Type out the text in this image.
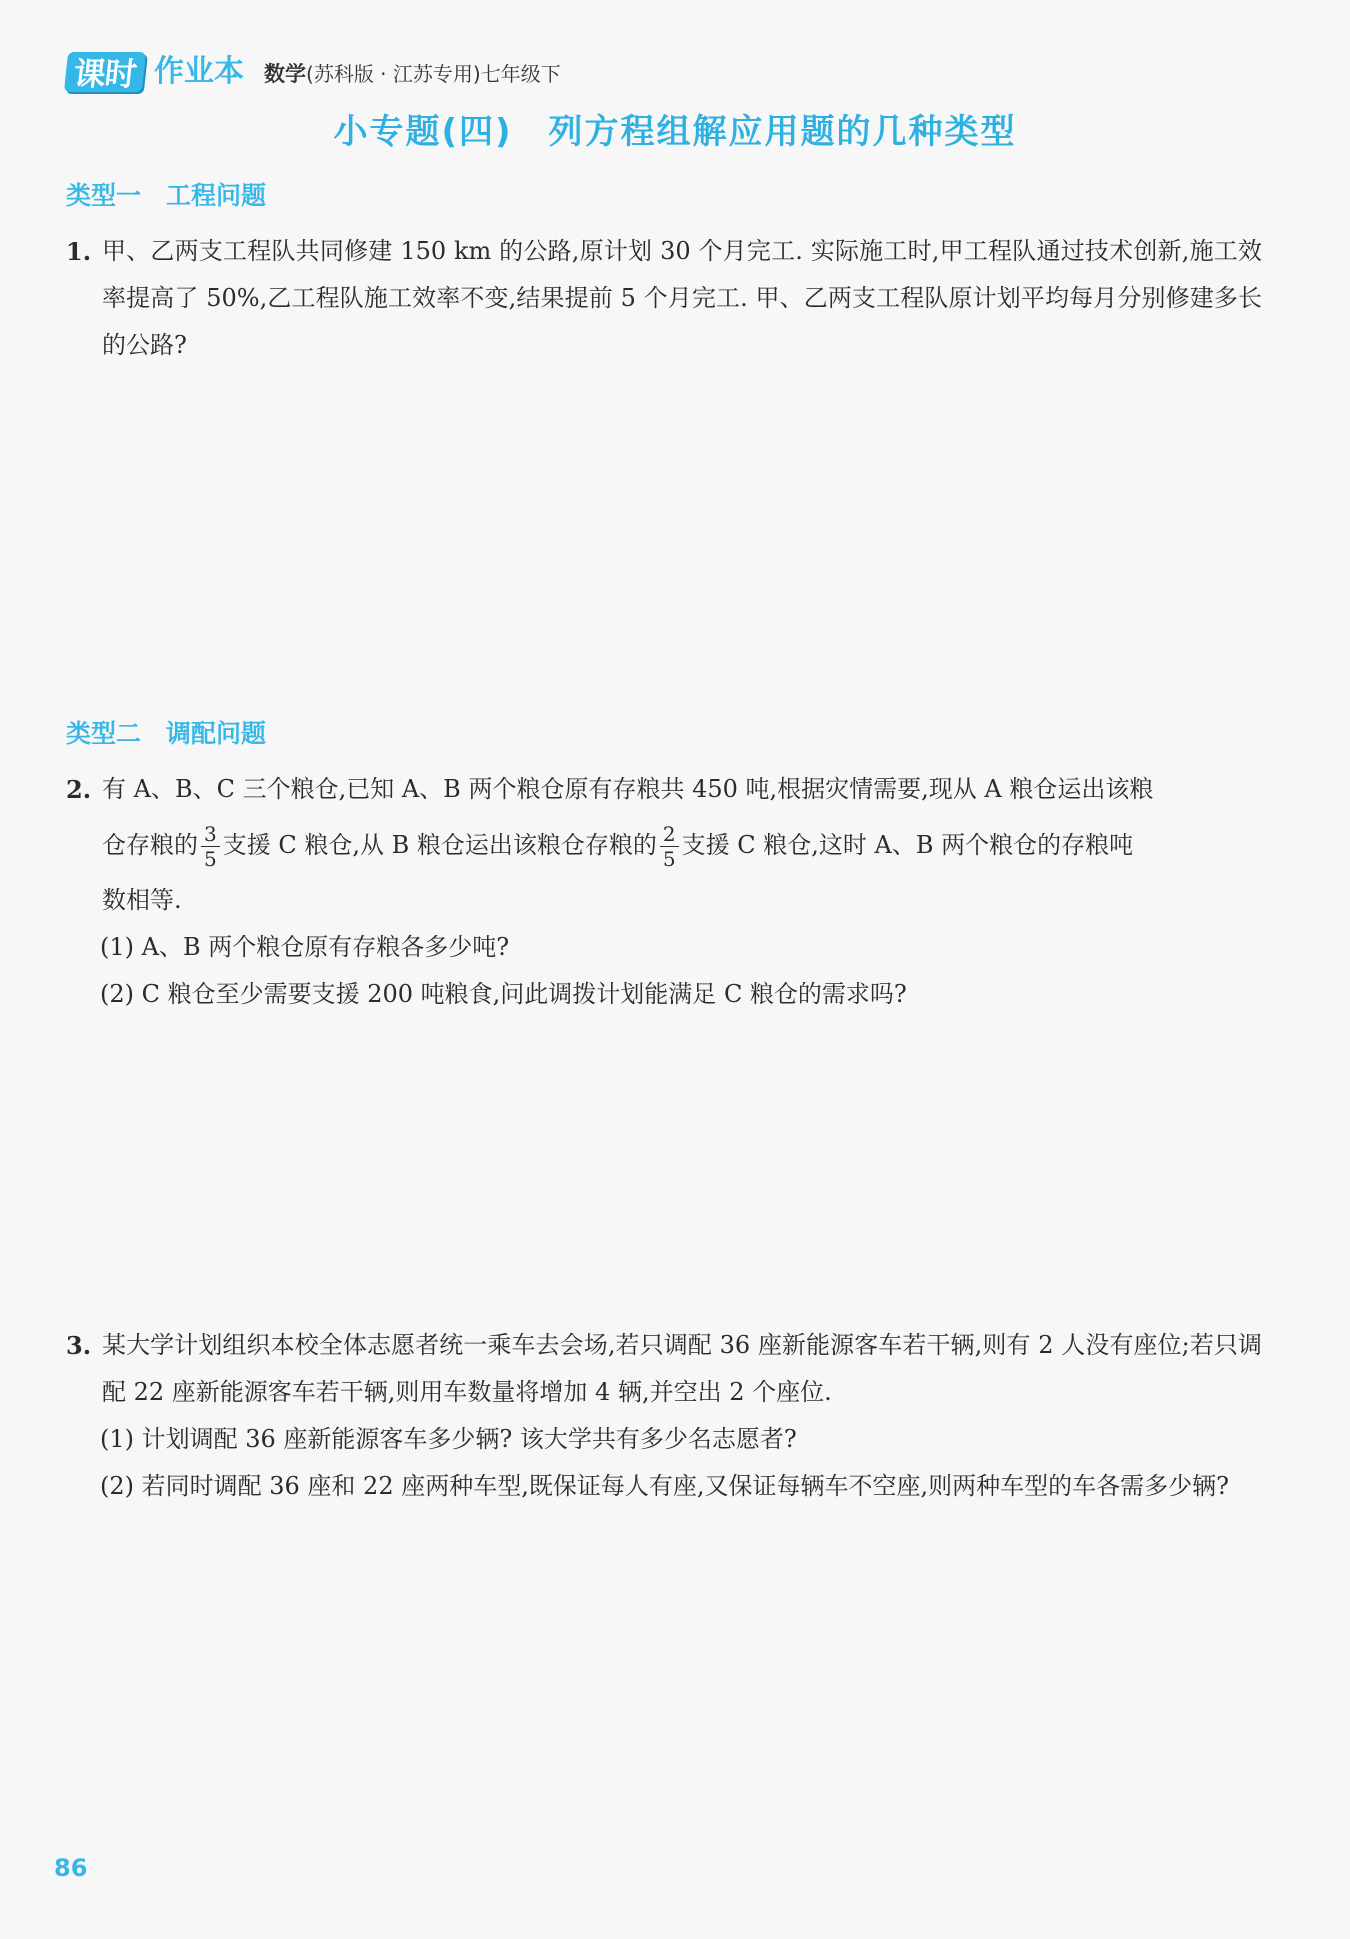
课时 作业本 数学 (苏科版 · 江苏专用)七年级下
小专题(四)　列方程组解应用题的几种类型
类型一　工程问题
1. 甲、乙两支工程队共同修建 150 km 的公路,原计划 30 个月完工. 实际施工时,甲工程队通过技术创新,施工效率提高了 50%,乙工程队施工效率不变,结果提前 5 个月完工. 甲、乙两支工程队原计划平均每月分别修建多长的公路?
类型二　调配问题
2. 有 A、B、C 三个粮仓,已知 A、B 两个粮仓原有存粮共 450 吨,根据灾情需要,现从 A 粮仓运出该粮
仓存粮的 $\frac{3}{5}$ 支援 C 粮仓,从 B 粮仓运出该粮仓存粮的 $\frac{2}{5}$ 支援 C 粮仓,这时 A、B 两个粮仓的存粮吨
数相等.
(1) A、B 两个粮仓原有存粮各多少吨?
(2) C 粮仓至少需要支援 200 吨粮食,问此调拨计划能满足 C 粮仓的需求吗?
3. 某大学计划组织本校全体志愿者统一乘车去会场,若只调配 36 座新能源客车若干辆,则有 2 人没有座位;若只调配 22 座新能源客车若干辆,则用车数量将增加 4 辆,并空出 2 个座位.
(1) 计划调配 36 座新能源客车多少辆? 该大学共有多少名志愿者?
(2) 若同时调配 36 座和 22 座两种车型,既保证每人有座,又保证每辆车不空座,则两种车型的车各需多少辆?
86
